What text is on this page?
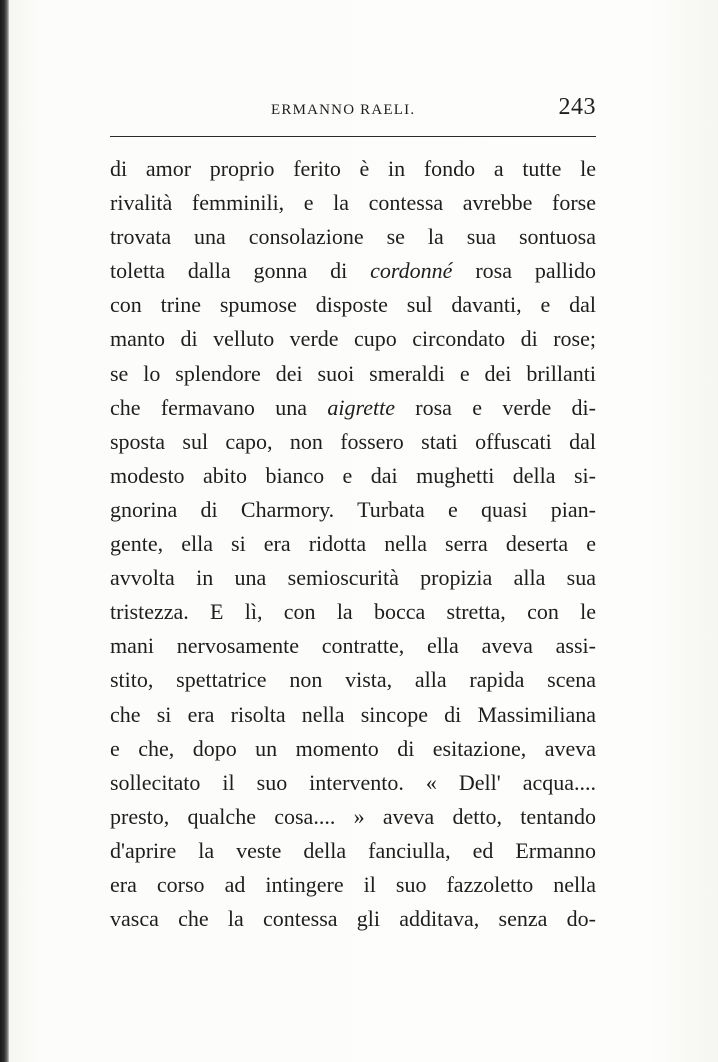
ERMANNO RAELI.	243
di amor proprio ferito è in fondo a tutte le
rivalità femminili, e la contessa avrebbe forse
trovata una consolazione se la sua sontuosa
toletta dalla gonna di cordonné rosa pallido
con trine spumose disposte sul davanti, e dal
manto di velluto verde cupo circondato di rose;
se lo splendore dei suoi smeraldi e dei brillanti
che fermavano una aigrette rosa e verde di-
sposta sul capo, non fossero stati offuscati dal
modesto abito bianco e dai mughetti della si-
gnorina di Charmory. Turbata e quasi pian-
gente, ella si era ridotta nella serra deserta e
avvolta in una semioscurità propizia alla sua
tristezza. E lì, con la bocca stretta, con le
mani nervosamente contratte, ella aveva assi-
stito, spettatrice non vista, alla rapida scena
che si era risolta nella sincope di Massimiliana
e che, dopo un momento di esitazione, aveva
sollecitato il suo intervento. « Dell' acqua....
presto, qualche cosa.... » aveva detto, tentando
d'aprire la veste della fanciulla, ed Ermanno
era corso ad intingere il suo fazzoletto nella
vasca che la contessa gli additava, senza do-
